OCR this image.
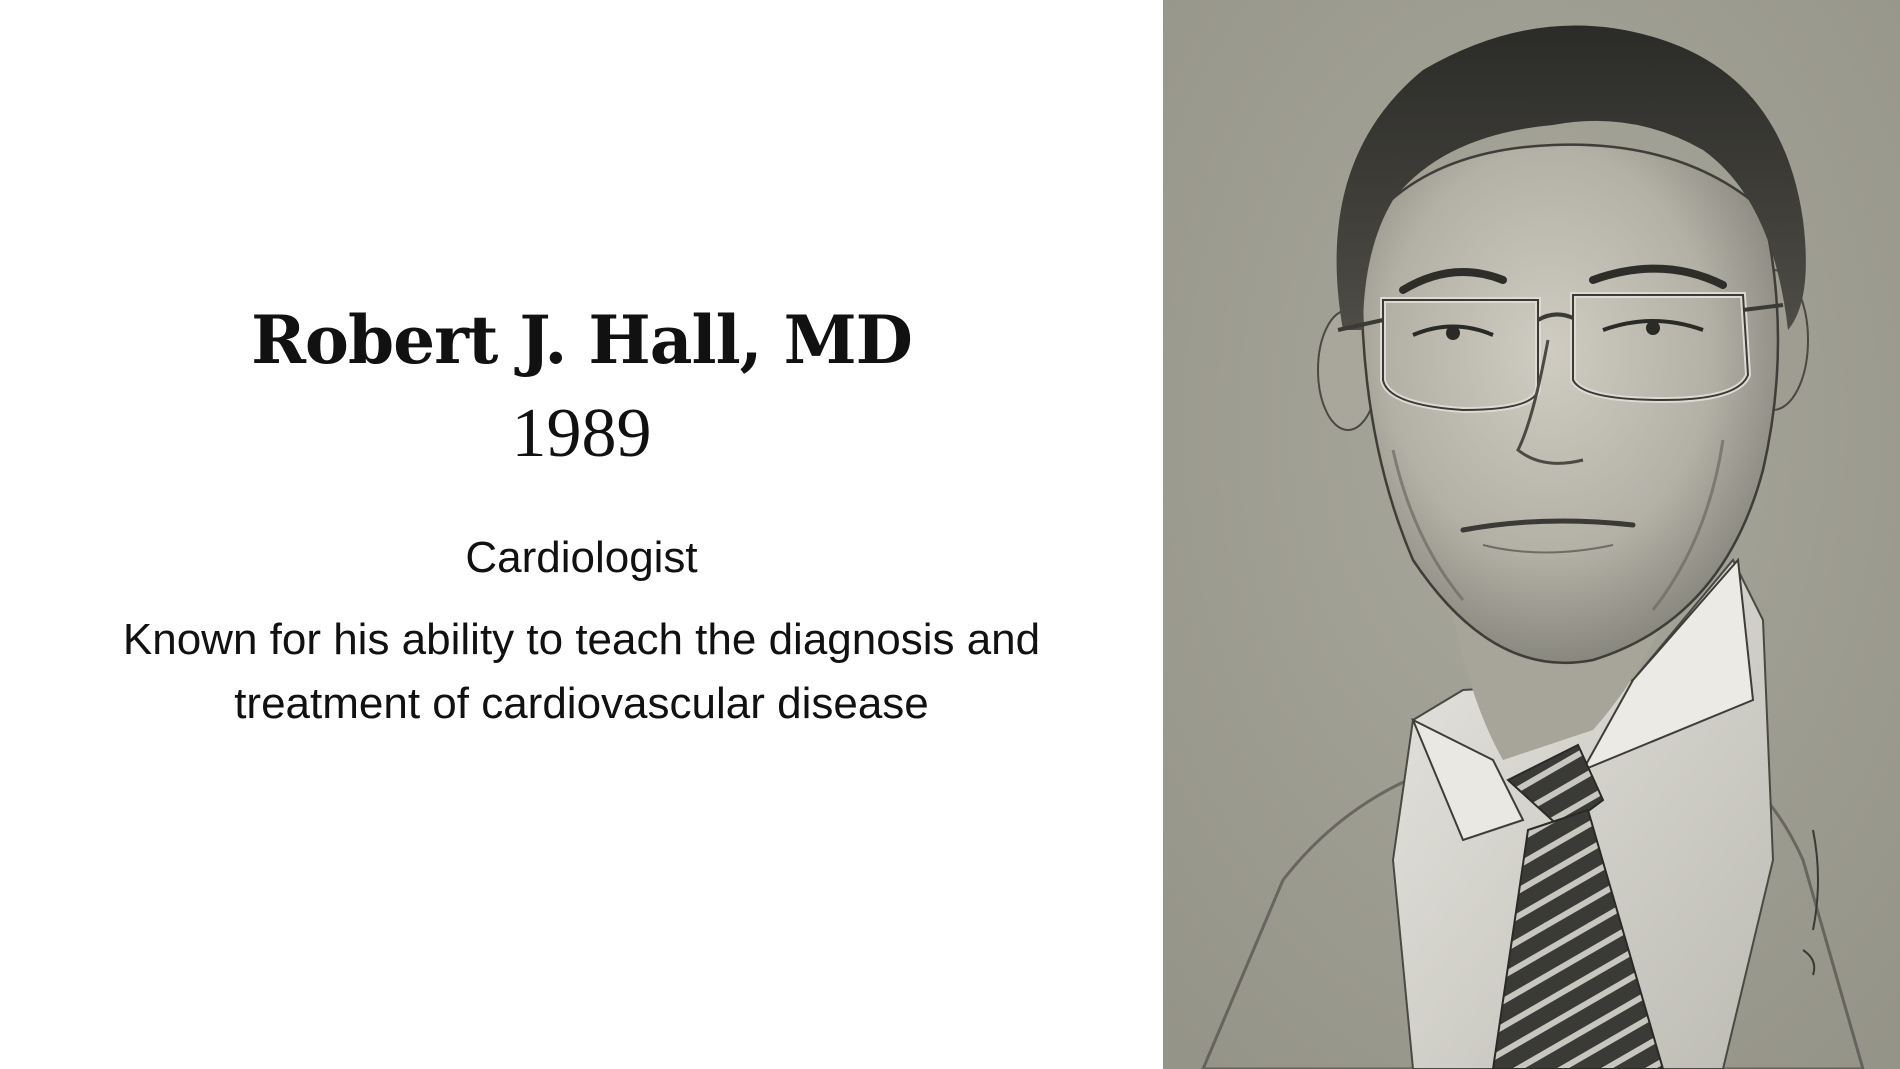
Robert J. Hall, MD
1989
Cardiologist
Known for his ability to teach the diagnosis and treatment of cardiovascular disease
